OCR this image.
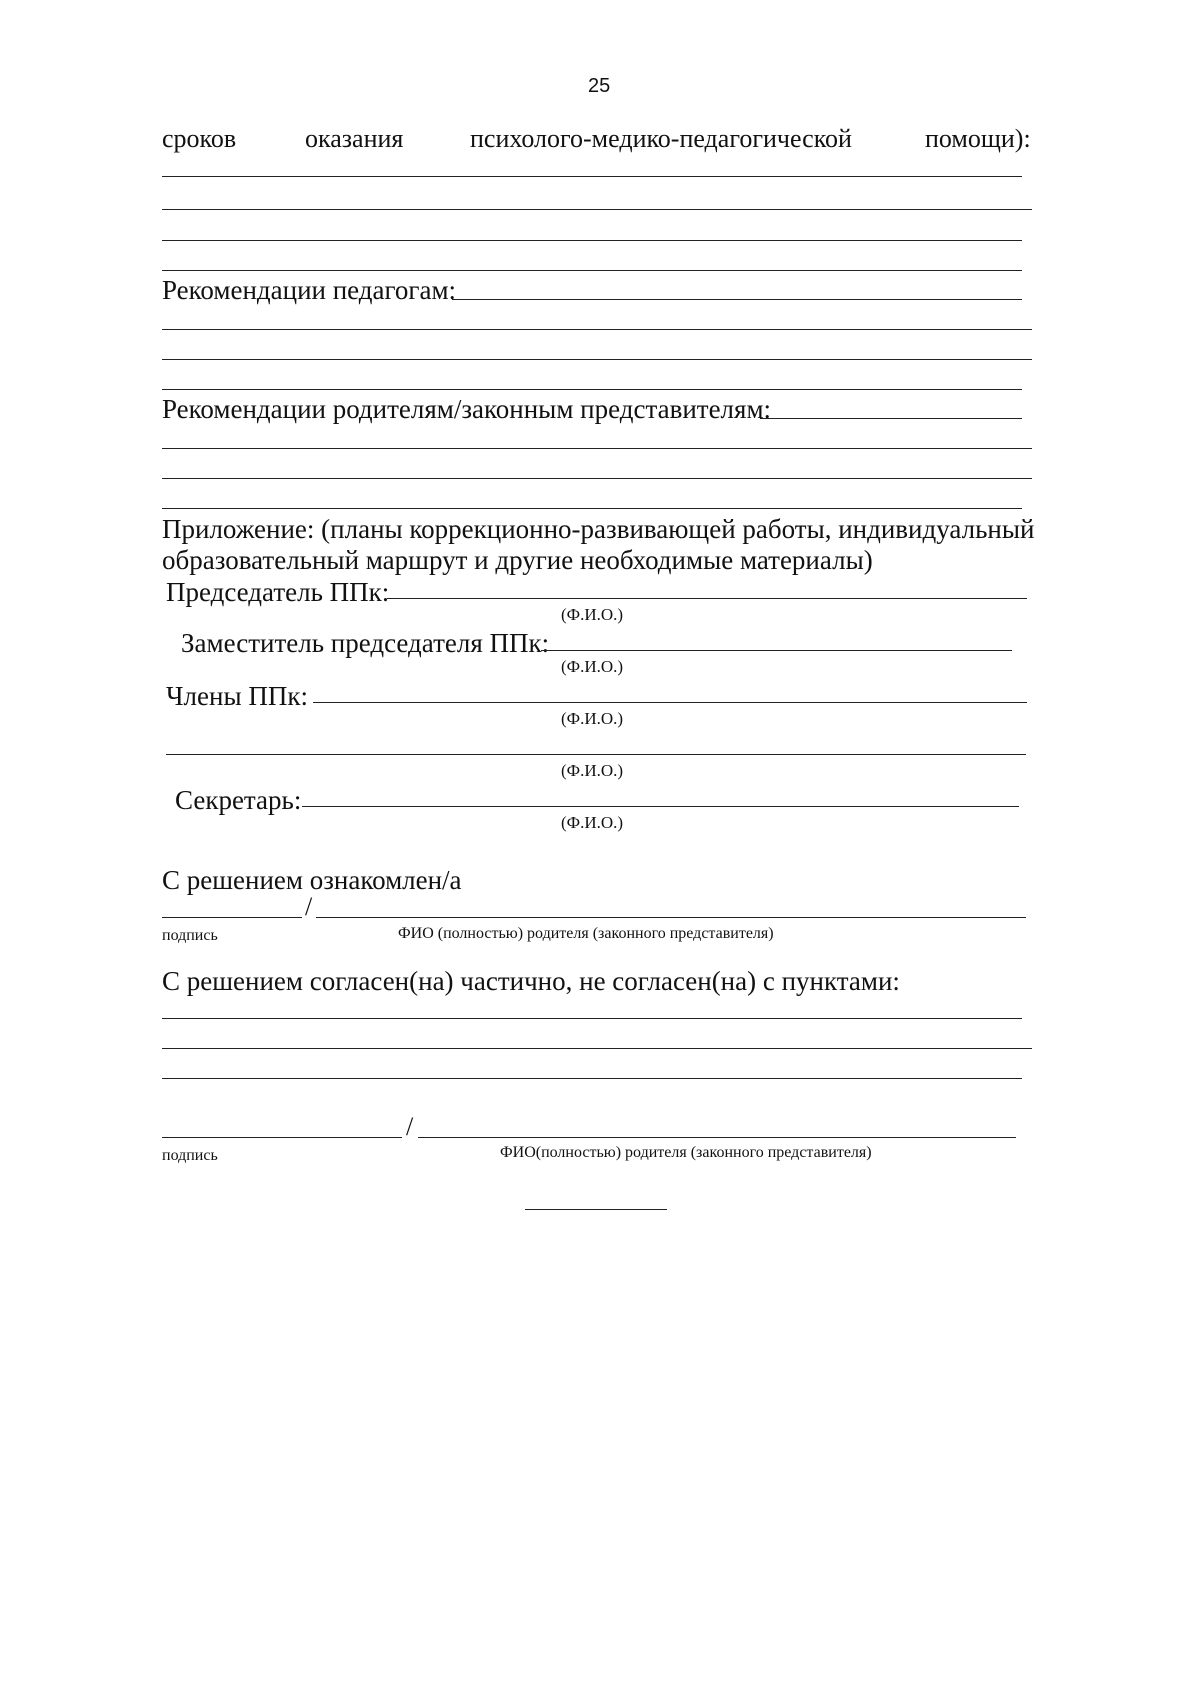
25
сроков	оказания	психолого-медико-педагогической	помощи):
Рекомендации педагогам:
Рекомендации родителям/законным представителям:
Приложение: (планы коррекционно-развивающей работы, индивидуальный
образовательный маршрут и другие необходимые материалы)
Председатель ППк:
(Ф.И.О.)
Заместитель председателя ППк:
(Ф.И.О.)
Члены ППк:
(Ф.И.О.)
(Ф.И.О.)
Секретарь:
(Ф.И.О.)
С решением ознакомлен/а
/
подпись	ФИО (полностью) родителя (законного представителя)
С решением согласен(на) частично, не согласен(на) с пунктами:
/
подпись	ФИО(полностью) родителя (законного представителя)
